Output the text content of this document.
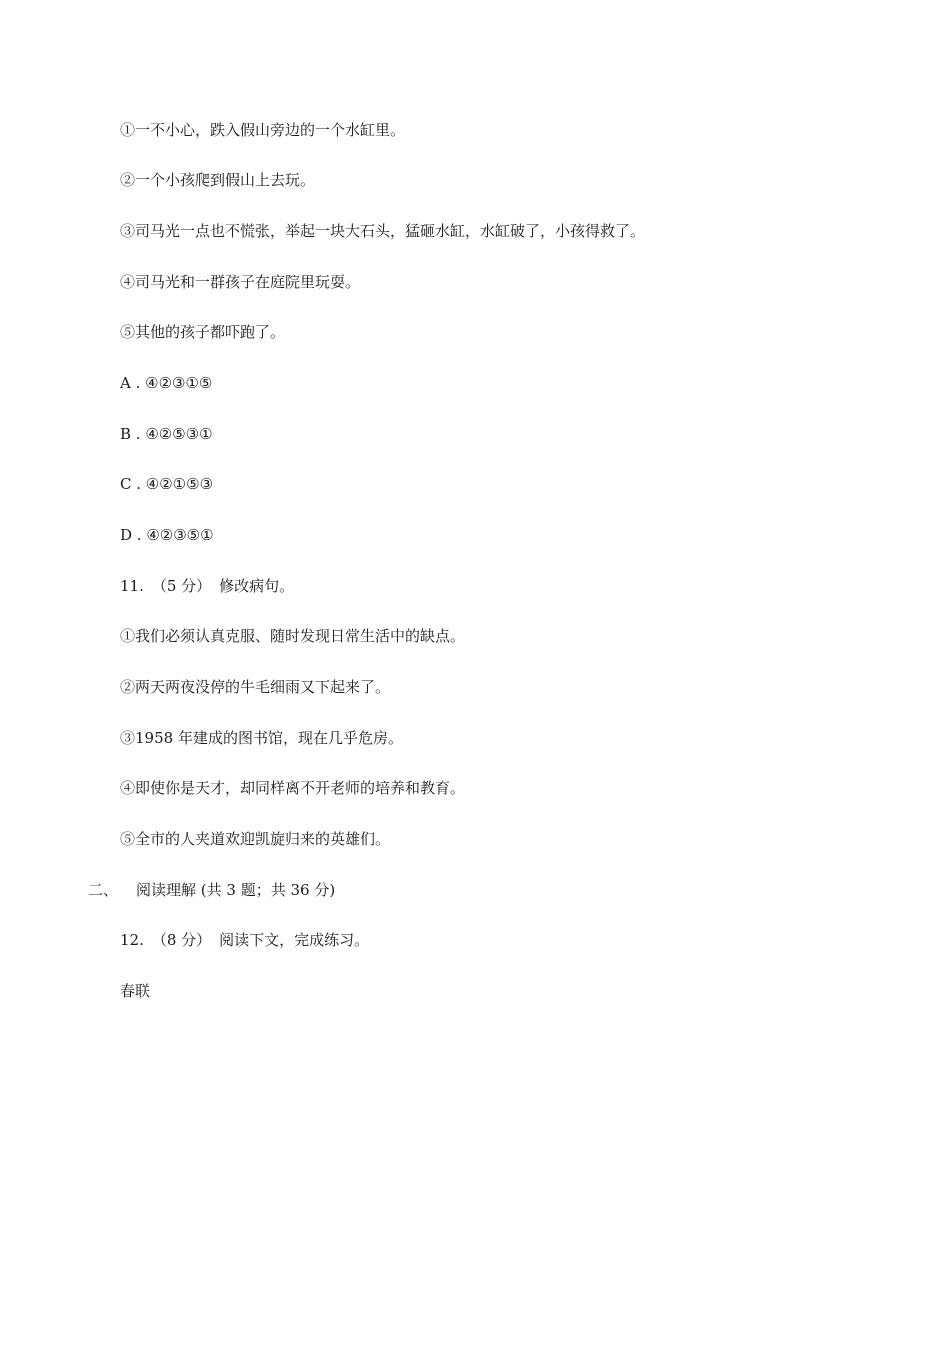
①一不小心，跌入假山旁边的一个水缸里。
②一个小孩爬到假山上去玩。
③司马光一点也不慌张，举起一块大石头，猛砸水缸，水缸破了，小孩得救了。
④司马光和一群孩子在庭院里玩耍。
⑤其他的孩子都吓跑了。
A . ④②③①⑤
B . ④②⑤③①
C . ④②①⑤③
D . ④②③⑤①
11. （5 分） 修改病句。
①我们必须认真克服、随时发现日常生活中的缺点。
②两天两夜没停的牛毛细雨又下起来了。
③1958 年建成的图书馆，现在几乎危房。
④即使你是天才，却同样离不开老师的培养和教育。
⑤全市的人夹道欢迎凯旋归来的英雄们。
二、 阅读理解 (共 3 题；共 36 分)
12. （8 分） 阅读下文，完成练习。
春联
